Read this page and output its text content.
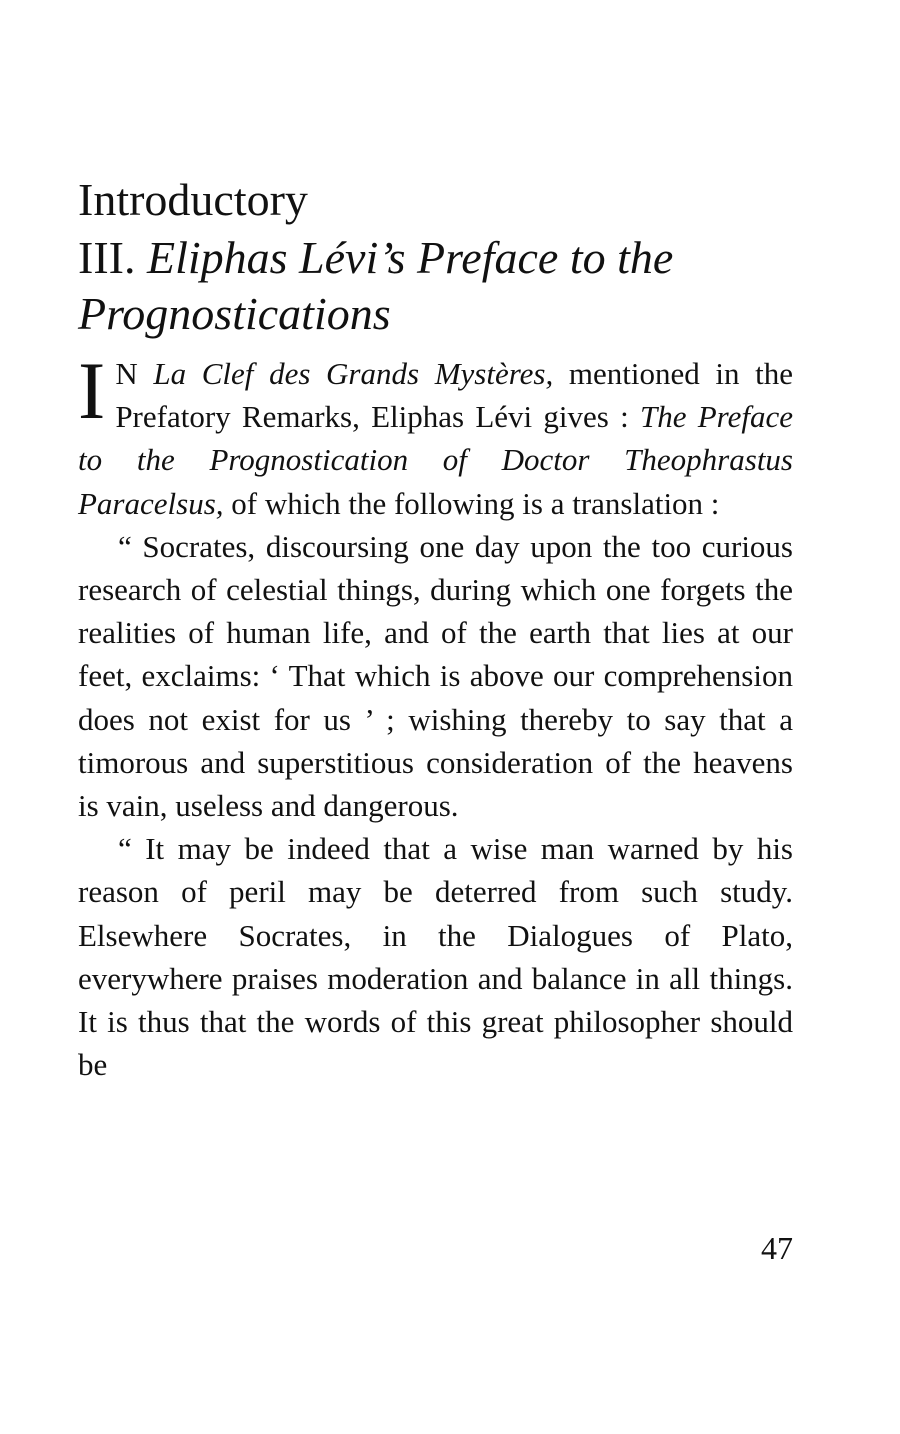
Introductory
III. Eliphas Lévi’s Preface to the Prognostications

I N La Clef des Grands Mystères, mentioned in the Prefatory Remarks, Eliphas Lévi gives : The Preface to the Prognostication of Doctor Theophrastus Paracelsus, of which the following is a translation :

“ Socrates, discoursing one day upon the too curious research of celestial things, during which one forgets the realities of human life, and of the earth that lies at our feet, exclaims: ‘ That which is above our comprehension does not exist for us ’ ; wishing thereby to say that a timorous and superstitious consideration of the heavens is vain, useless and dangerous.

“ It may be indeed that a wise man warned by his reason of peril may be deterred from such study. Elsewhere Socrates, in the Dialogues of Plato, everywhere praises moderation and balance in all things. It is thus that the words of this great philosopher should be

47
